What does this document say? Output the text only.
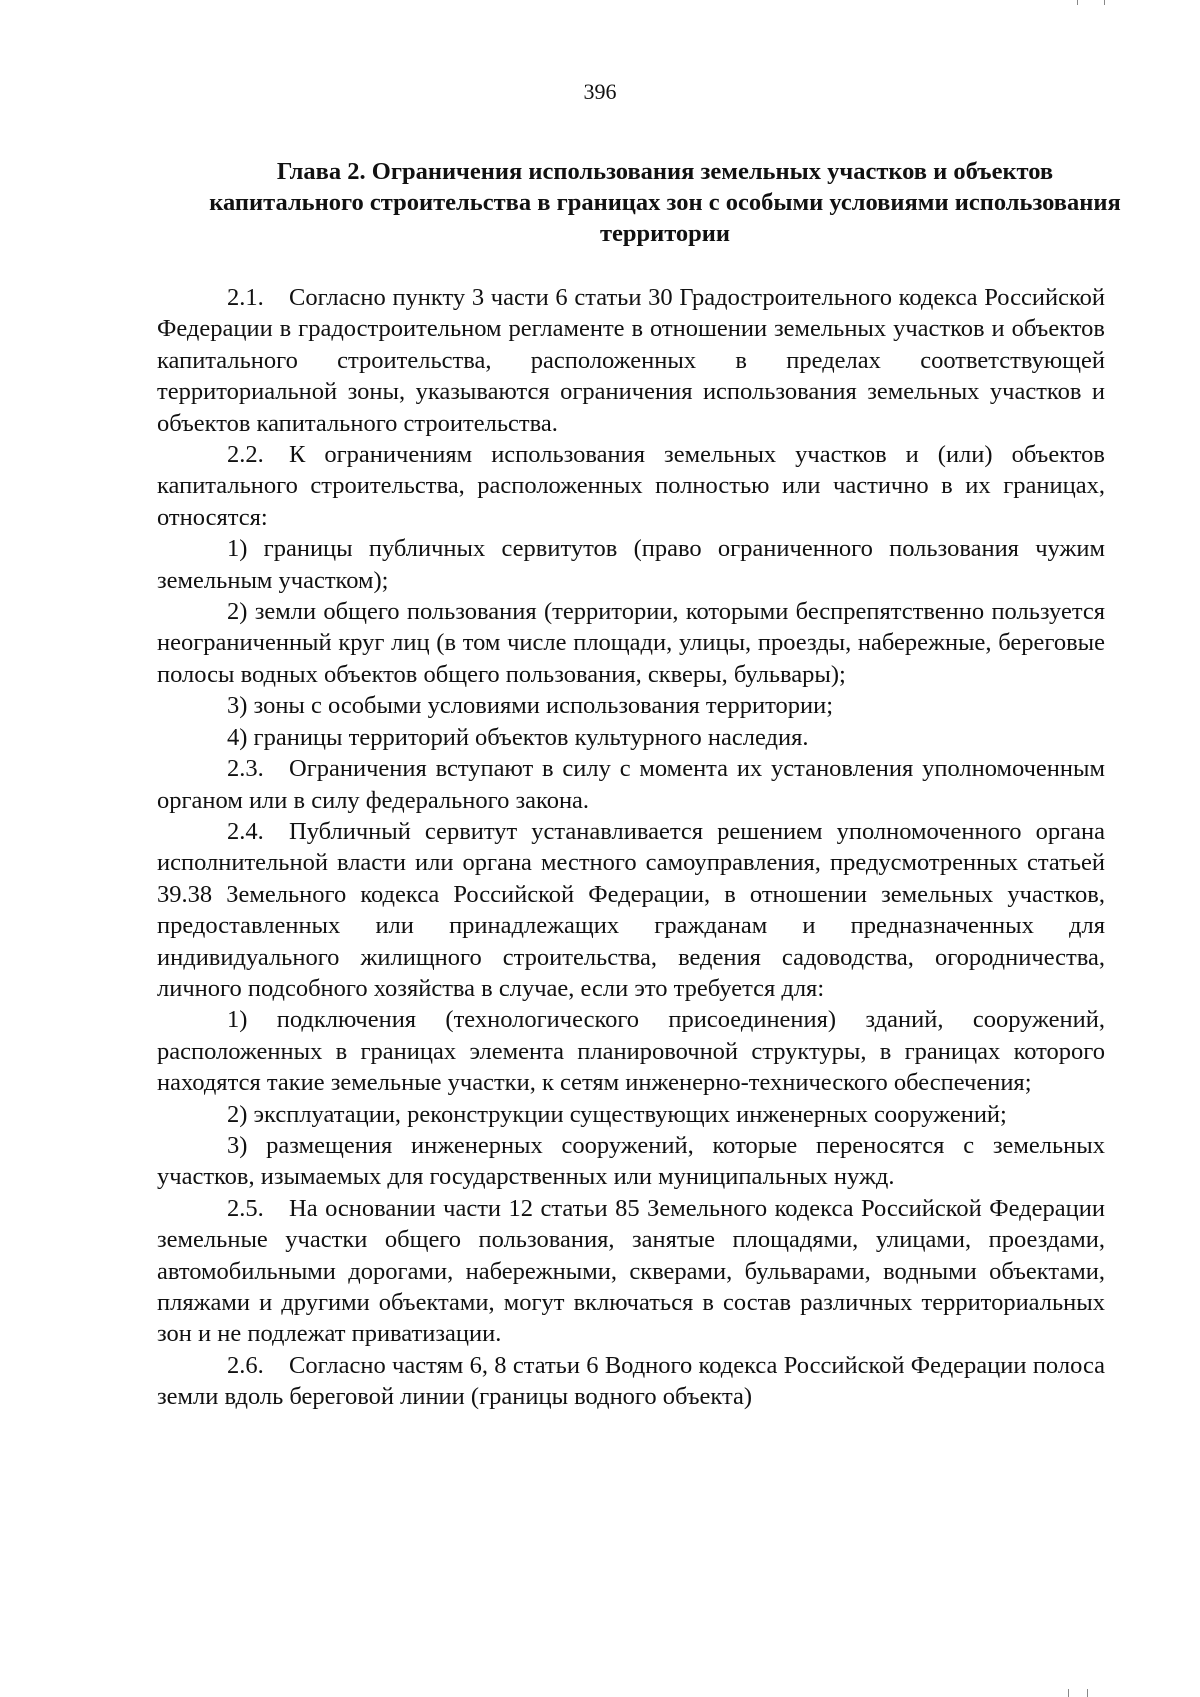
396
Глава 2. Ограничения использования земельных участков и объектов капитального строительства в границах зон с особыми условиями использования территории

2.1. Согласно пункту 3 части 6 статьи 30 Градостроительного кодекса Российской Федерации в градостроительном регламенте в отношении земельных участков и объектов капитального строительства, расположенных в пределах соответствующей территориальной зоны, указываются ограничения использования земельных участков и объектов капитального строительства.

2.2. К ограничениям использования земельных участков и (или) объектов капитального строительства, расположенных полностью или частично в их границах, относятся:

1) границы публичных сервитутов (право ограниченного пользования чужим земельным участком);

2) земли общего пользования (территории, которыми беспрепятственно пользуется неограниченный круг лиц (в том числе площади, улицы, проезды, набережные, береговые полосы водных объектов общего пользования, скверы, бульвары);

3) зоны с особыми условиями использования территории;

4) границы территорий объектов культурного наследия.

2.3. Ограничения вступают в силу с момента их установления уполномоченным органом или в силу федерального закона.

2.4. Публичный сервитут устанавливается решением уполномоченного органа исполнительной власти или органа местного самоуправления, предусмотренных статьей 39.38 Земельного кодекса Российской Федерации, в отношении земельных участков, предоставленных или принадлежащих гражданам и предназначенных для индивидуального жилищного строительства, ведения садоводства, огородничества, личного подсобного хозяйства в случае, если это требуется для:

1) подключения (технологического присоединения) зданий, сооружений, расположенных в границах элемента планировочной структуры, в границах которого находятся такие земельные участки, к сетям инженерно-технического обеспечения;

2) эксплуатации, реконструкции существующих инженерных сооружений;

3) размещения инженерных сооружений, которые переносятся с земельных участков, изымаемых для государственных или муниципальных нужд.

2.5. На основании части 12 статьи 85 Земельного кодекса Российской Федерации земельные участки общего пользования, занятые площадями, улицами, проездами, автомобильными дорогами, набережными, скверами, бульварами, водными объектами, пляжами и другими объектами, могут включаться в состав различных территориальных зон и не подлежат приватизации.

2.6. Согласно частям 6, 8 статьи 6 Водного кодекса Российской Федерации полоса земли вдоль береговой линии (границы водного объекта)
